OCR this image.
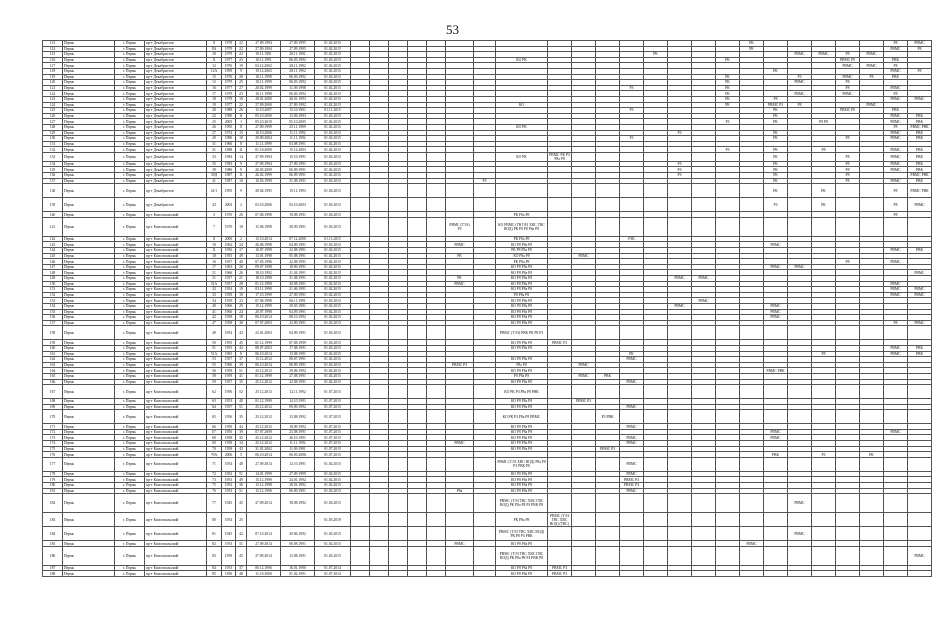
53
113	Пермь	г. Пермь	пр-т Декабристов	8	1978	22	27.09.1994	27.09.1995	01.02.2015																	РК						Р8	РВМС
114	Пермь	г. Пермь	пр-т Декабристов	8А	1979	22	27.09.1994	27.09.1995	01.02.2015																	РК						РВМС	Р8
115	Пермь	г. Пермь	пр-т Декабристов	10	1979	22	10.11.1991	28.11.1991	01.02.2015													РК						РВМС	РВМС	Р8	РВМС		
116	Пермь	г. Пермь	пр-т Декабристов	11	1977	23	10.11.1991	06.03.1992	01.02.2015								КО РК								РК					РВМС Р8		РВК	
117	Пермь	г. Пермь	пр-т Декабристов	12	1976	19	04.12.2002	28.11.1992	01.02.2015																					РВМС	РВМС	Р8	
118	Пермь	г. Пермь	пр-т Декабристов	12А	1999	9	19.12.2002	28.11.1992	01.02.2015																		РК					РВМС	Р8
119	Пермь	г. Пермь	пр-т Декабристов	15	1976	28	10.11.1999	06.03.1992	01.02.2015																РК			РЗ		РВМС	Р8	РВК	
120	Пермь	г. Пермь	пр-т Декабристов	12	1979	25	10.11.1999	06.03.1992	01.02.2015																РК			РВМС		Р8			
121	Пермь	г. Пермь	пр-т Декабристов	16	1977	27	20.02.1999	11.09.1998	01.02.2015												РЗ				РК					Р8		РВМС	
122	Пермь	г. Пермь	пр-т Декабристов	17	1979	23	10.11.1998	06.03.1992	01.02.2015																РК			РВМС		РВМС		Р8	
123	Пермь	г. Пермь	пр-т Декабристов	18	1978	18	28.01.2000	26.01.1993	01.02.2015																РК		Р8					РВМС	РВМС
124	Пермь	г. Пермь	пр-т Декабристов	19	1977	22	27.09.2000	27.09.1992	01.02.2015								КО								РК		РВМС РЗ	Р8			РВМС		
125	Пермь	г. Пермь	пр-т Декабристов	20	1988	26	15.10.2007	15.10.1991	01.11.2015												РЗ						РК			РВМС Р8		РВК	
126	Пермь	г. Пермь	пр-т Декабристов	22	1990	11	05.10.2000	13.06.1993	01.02.2015																		РК					РВМС	РВК
127	Пермь	г. Пермь	пр-т Декабристов	25	2005	1	05.10.2010	05.10.2005	01.02.2015																РЗ		РК		Р8 Р8			РВМС	РВК
128	Пермь	г. Пермь	пр-т Декабристов	26	1995	8	27.09.1999	25.11.1999	01.02.2015								КО РК															Р8	РВМС РВК
129	Пермь	г. Пермь	пр-т Декабристов	27	1972	15	10.10.2006	11.11.1992	01.02.2015														РЗ				РК					РВМС	РВК
130	Пермь	г. Пермь	пр-т Декабристов	29	1986	18	29.09.2004	11.11.1992	01.02.2015												РЗ						РК			Р8		РВМС	РВК
131	Пермь	г. Пермь	пр-т Декабристов	31	1960	8	11.11.1999	03.08.1991	01.02.2015																								
132	Пермь	г. Пермь	пр-т Декабристов	31	1988	11	01.10.2000	15.12.2003	01.02.2015																РЗ		РК		Р8			РВМС	РВК
133	Пермь	г. Пермь	пр-т Декабристов	33	1984	14	27.09.1994	15.10.1991	01.02.2015								КО РК	РВМС РК РЗ Р8а Р8									РК			Р8		РВМС	РВК
134	Пермь	г. Пермь	пр-т Декабристов	35	1983	9	27.09.1994	27.09.1991	01.02.2015														РЗ				РК			Р8		РВМС	РВК
135	Пермь	г. Пермь	пр-т Декабристов	39	1986	9	20.03.2009	06.09.1991	01.02.2015														РЗ				РК			Р8		РВМС	РВК
136	Пермь	г. Пермь	пр-т Декабристов	39Д	1987	11	26.02.1999	06.09.1991	01.02.2015														РЗ				РК			Р8			РВМС РВК
137	Пермь	г. Пермь	пр-т Декабристов	41	1987	10	10.03.1999	31.08.1991	01.02.2015							РЗ											РК			Р8		РВМС	РВК
138	Пермь	г. Пермь	пр-т Декабристов	41/1	1995	9	28.04.1995	19.11.1993	01.02.2015																		РК		РК			Р8	РВМС РВК
139	Пермь	г. Пермь	пр-т Декабристов	43	2003	2	03.10.2006	03.10.2003	01.02.2015																		РЗ		РК			Р8	РВМС
140	Пермь	г. Пермь	пр-т Комсомольский	3	1970	20	07.06.1998	19.08.1991	01.02.2015								РК Р8а Р8															Р8	
141	Пермь	г. Пермь	пр-т Комсомольский	7	1970	18	15.06.1998	28.09.1991	01.02.2015						РВМС (ТЭЗ) РЗ		КО РВМС (ГВ ГАЗ ХВС ГВС ВОД) РК Р8 Р8 Р8а Р8																
142	Пермь	г. Пермь	пр-т Комсомольский	8	2000	2	15.10.2014	07.12.2000	01.11.2015								РК Р8а Р8				РЗК												
143	Пермь	г. Пермь	пр-т Комсомольский	10	1962	24	26.08.1998	04.09.1991	01.02.2015						РВМС		КО Р8 Р8а Р8										РВМС						
144	Пермь	г. Пермь	пр-т Комсомольский	11	1956	17	10.07.1998	22.08.1991	01.02.2015								РК Р8 Р8а Р8															РВМС	РВК
145	Пермь	г. Пермь	пр-т Комсомольский	18	1955	49	13.01.1998	05.08.1991	01.02.2015						РК		КО Р8а Р8		РВМС														
146	Пермь	г. Пермь	пр-т Комсомольский	16	1957	40	07.03.1996	22.08.1991	01.02.2015								РК Р8а Р8													Р8		РВМС	
147	Пермь	г. Пермь	пр-т Комсомольский	17	1963	26	09.07.1998	18.09.1991	01.02.2015								КО Р8 Р8а Р8										РВМС	РВМС					
148	Пермь	г. Пермь	пр-т Комсомольский	21	1966	26	18.10.1992	21.04.1991	01.02.2015								КО Р8 Р8а Р8																РВМС
149	Пермь	г. Пермь	пр-т Комсомольский	31	1957	21	18.10.1998	31.08.1991	01.02.2015						РК		КО Р8 Р8а Р8						РВМС	РВМС									
150	Пермь	г. Пермь	пр-т Комсомольский	31А	1957	28	01.12.1998	30.08.1991	01.02.2015						РВМС		КО Р8 Р8а Р8															РВМС	
151	Пермь	г. Пермь	пр-т Комсомольский	32	1954	19	03.11.1998	21.06.1991	01.02.2015								КО Р8 Р8а Р8															РВМС	РВМС
152	Пермь	г. Пермь	пр-т Комсомольский	33	1959	18	17.10.1999	27.09.1991	01.02.2015								Р8 Р8а Р8															РВМС	РВМС
153	Пермь	г. Пермь	пр-т Комсомольский	34	1959	23	07.06.1998	06.11.1991	01.02.2015								КО Р8 Р8а Р8							РВМС									
154	Пермь	г. Пермь	пр-т Комсомольский	40	1966	29	15.12.1999	29.05.1991	01.02.2015								КО Р8 Р8а Р8						РВМС				РВМС						
155	Пермь	г. Пермь	пр-т Комсомольский	41	1960	24	20.07.1998	04.09.1991	01.02.2015								КО Р8 Р8а Р8										РВМС						
156	Пермь	г. Пермь	пр-т Комсомольский	42	1958	18	06.10.2014	08.10.1992	01.02.2015								КО Р8 Р8а Р8										РВМС						
157	Пермь	г. Пермь	пр-т Комсомольский	47	1958	38	07.07.2003	23.09.1991	01.02.2015								КО Р8 Р8а Р8															Р8	РВМС
158	Пермь	г. Пермь	пр-т Комсомольский	49	1954	44	23.01.2003	04.09.1991	01.02.2015								РВМС (ТЭЗ) РВК РК Р8 РЗ																
159	Пермь	г. Пермь	пр-т Комсомольский	50	1955	45	01.12.1999	07.08.1999	01.02.2015								КО Р8 Р8а Р8	РВМС РЗ															
160	Пермь	г. Пермь	пр-т Комсомольский	51	1955	44	08.07.2003	17.08.1991	01.02.2015								КО Р8 Р8а Р8															РВМС	РВК
161	Пермь	г. Пермь	пр-т Комсомольский	51А	1965	8	06.10.2014	13.08.1991	01.02.2015												РК								Р8			РВМС	РВК
162	Пермь	г. Пермь	пр-т Комсомольский	53	1957	37	15.12.2012	08.07.1991	01.02.2015								КО Р8 Р8а Р8				РВМС												
163	Пермь	г. Пермь	пр-т Комсомольский	55	1960	39	06.10.2014	08.09.1991	01.02.2015						РВМС РЗ		Р8а Р8		РВМС														
164	Пермь	г. Пермь	пр-т Комсомольский	56	1958	51	25.12.2012	29.06.1992	01.02.2015								КО Р8 Р8а Р8										РВМС РВК						
165	Пермь	г. Пермь	пр-т Комсомольский	58	1959	41	01.12.1999	27.08.1991	01.02.2015								Р8 Р8а Р8		РВМС	РВК													
166	Пермь	г. Пермь	пр-т Комсомольский	59	1957	35	25.12.2012	22.08.1991	01.02.2015								КО Р8 Р8а Р8				РВМС												
167	Пермь	г. Пермь	пр-т Комсомольский	62	1956	52	25.12.2013	12.11.1992	01.07.2015								КО РК РЗ Р8а Р8 РВК																
168	Пермь	г. Пермь	пр-т Комсомольский	63	1953	48	01.12.1999	14.10.1991	01.07.2015								КО Р8 Р8а Р8		РВМС РЗ														
169	Пермь	г. Пермь	пр-т Комсомольский	64	1957	51	25.12.2012	09.09.1992	01.07.2015								КО Р8 Р8а Р8				РВМС												
170	Пермь	г. Пермь	пр-т Комсомольский	65	1956	35	25.12.2012	13.08.1992	01.07.2015								КО РК РЗ Р8а Р8 РВМС			РЗ РВК													
171	Пермь	г. Пермь	пр-т Комсомольский	66	1959	44	25.12.2012	18.09.1992	01.07.2015								КО Р8 Р8а Р8				РВМС												
172	Пермь	г. Пермь	пр-т Комсомольский	67	1956	39	07.07.2009	23.08.1991	01.07.2015								КО Р8 Р8а Р8										РВМС					РВМС	
173	Пермь	г. Пермь	пр-т Комсомольский	68	1958	35	25.12.2012	26.10.1991	01.07.2015								КО Р8 Р8а Р8				РВМС						РВМС						
174	Пермь	г. Пермь	пр-т Комсомольский	69	1958	34	25.12.2012	11.11.1992	01.07.2015						РВМС		КО Р8 Р8а Р8				РВМС												
175	Пермь	г. Пермь	пр-т Комсомольский	70	1958	43	31.01.2002	11.09.1991	01.07.2015								КО Р8 Р8а Р8			РВМС РЗ													
176	Пермь	г. Пермь	пр-т Комсомольский	70А	2006	5	06.10.2014	06.03.2006	01.07.2015																		РВК		РЗ		РК		
177	Пермь	г. Пермь	пр-т Комсомольский	71	1954	48	27.09.2014	12.10.1991	01.02.2015								РВМС (ТЭЗ ХВС ВОД) Р8а Р8 РЗ РВК Р8				РВМС												
178	Пермь	г. Пермь	пр-т Комсомольский	72	1952	51	14.01.1999	27.09.1999	01.02.2015								КО Р8 Р8а Р8				РВМС												
179	Пермь	г. Пермь	пр-т Комсомольский	73	1953	49	15.12.1999	24.01.1992	01.02.2015								КО Р8 Р8а Р8				РВМС РЗ												
180	Пермь	г. Пермь	пр-т Комсомольский	75	1952	36	15.12.1998	28.01.1992	01.02.2015								КО Р8 Р8а Р8				РВМС РЗ												
181	Пермь	г. Пермь	пр-т Комсомольский	76	1953	51	15.12.1996	06.09.1991	01.02.2015						Р8а		КО Р8 Р8а Р8				РВМС												
182	Пермь	г. Пермь	пр-т Комсомольский	77	1945	45	27.09.2014	18.08.1992	01.02.2015								РВМС (ТЭЗ ТВС ХВС ГВС ВОД) РК Р8а Р8 РЗ РВК Р8											РВМС					
183	Пермь	г. Пермь	пр-т Комсомольский	80	1954	25			01.05.2019								РК Р8а Р8	РВМС (ТЭЗ ГВС ХВС ВОД) (ТВС)															
184	Пермь	г. Пермь	пр-т Комсомольский	81	1945	42	07.10.2014	20.06.1992	01.02.2015								РВМС (ТЭЗ ТВС ХВС ВОД) РК Р8 РЗ РВК											РВМС					
185	Пермь	г. Пермь	пр-т Комсомольский	82	1953	51	27.09.2014	06.08.1991	01.02.2015						РВМС		КО Р8 Р8а Р8									РВМС							
186	Пермь	г. Пермь	пр-т Комсомольский	83	1959	45	27.09.2014	13.08.1991	01.02.2015								РВМС (ТЭЗ ТВС ХВС ГВС ВОД) РК Р8а Р8 РЗ РВК Р8																РВМС
187	Пермь	г. Пермь	пр-т Комсомольский	84	1953	37	06.12.1996	16.01.1990	01.07.2014								КО Р8 Р8а Р8	РВМС РЗ															
188	Пермь	г. Пермь	пр-т Комсомольский	85	1956	48	11.10.2000	01.02.1991	01.07.2014								КО Р8 Р8а Р8	РВМС РЗ															
